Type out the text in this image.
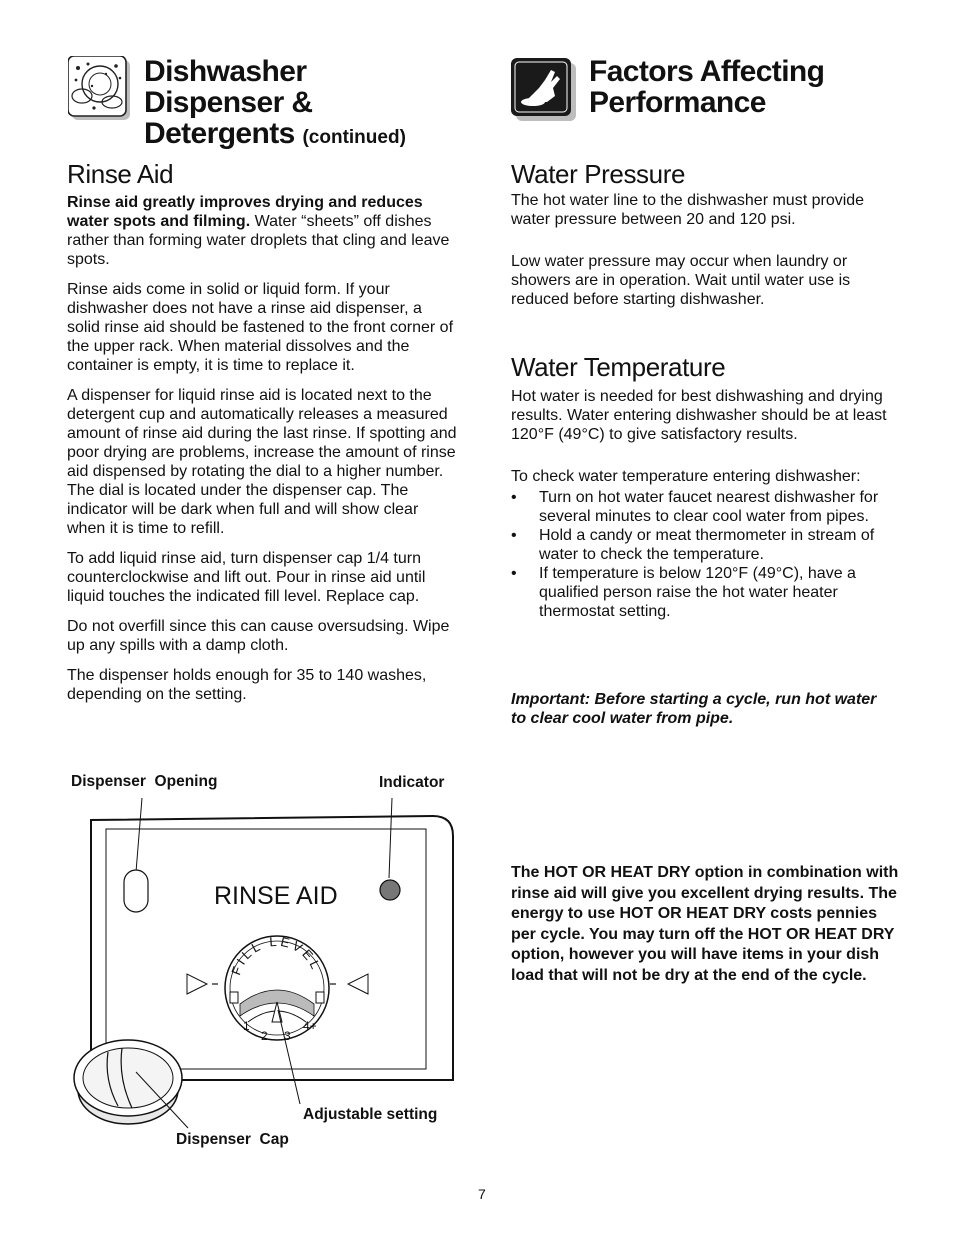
Dishwasher
Dispenser &
Detergents (continued)
Rinse Aid

Rinse aid greatly improves drying and reduces water spots and filming. Water “sheets” off dishes rather than forming water droplets that cling and leave spots.

Rinse aids come in solid or liquid form. If your dishwasher does not have a rinse aid dispenser, a solid rinse aid should be fastened to the front corner of the upper rack. When material dissolves and the container is empty, it is time to replace it.

A dispenser for liquid rinse aid is located next to the detergent cup and automatically releases a measured amount of rinse aid during the last rinse. If spotting and poor drying are problems, increase the amount of rinse aid dispensed by rotating the dial to a higher number. The dial is located under the dispenser cap. The indicator will be dark when full and will show clear when it is time to refill.

To add liquid rinse aid, turn dispenser cap 1/4 turn counterclockwise and lift out. Pour in rinse aid until liquid touches the indicated fill level. Replace cap.

Do not overfill since this can cause oversudsing. Wipe up any spills with a damp cloth.

The dispenser holds enough for 35 to 140 washes, depending on the setting.

Factors Affecting
Performance
Water Pressure

The hot water line to the dishwasher must provide water pressure between 20 and 120 psi.

Low water pressure may occur when laundry or showers are in operation. Wait until water use is reduced before starting dishwasher.

Water Temperature

Hot water is needed for best dishwashing and drying results. Water entering dishwasher should be at least 120°F (49°C) to give satisfactory results.

To check water temperature entering dishwasher:

• Turn on hot water faucet nearest dishwasher for several minutes to clear cool water from pipes.
• Hold a candy or meat thermometer in stream of water to check the temperature.
• If temperature is below 120°F (49°C), have a qualified person raise the hot water heater thermostat setting.
Important: Before starting a cycle, run hot water to clear cool water from pipe.
The HOT OR HEAT DRY option in combination with rinse aid will give you excellent drying results. The energy to use HOT OR HEAT DRY costs pennies per cycle. You may turn off the HOT OR HEAT DRY option, however you will have items in your dish load that will not be dry at the end of the cycle.
Dispenser  Opening	Indicator
Adjustable setting
Dispenser  Cap
RINSE AID
FILL LEVEL
1
2 3
4+
7
